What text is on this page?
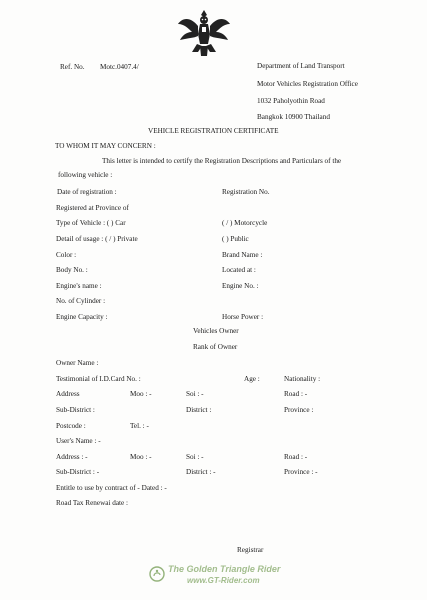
Ref. No. Motc.0407.4/	Department of Land Transport
Motor Vehicles Registration Office
1032 Paholyothin Road
Bangkok 10900 Thailand
VEHICLE REGISTRATION CERTIFICATE
TO WHOM IT MAY CONCERN :
This letter is intended to certify the Registration Descriptions and Particulars of the
following vehicle :
Date of registration :	Registration No.
Registered at Province of
Type of Vehicle : ( ) Car	( / ) Motorcycle
Detail of usage : ( / ) Private	( ) Public
Color :	Brand Name :
Body No. :	Located at :
Engine's name :	Engine No. :
No. of Cylinder :
Engine Capacity :	Horse Power :
Vehicles Owner
Rank of Owner
Owner Name :
Testimonial of I.D.Card No. :	Age :	Nationality :
Address	Moo : -	Soi : -	Road : -
Sub-District :	District :	Province :
Postcode :	Tel. : -
User's Name : -
Address : -	Moo : -	Soi : -	Road : -
Sub-District : -	District : -	Province : -
Entitle to use by contract of - Dated : -
Road Tax Renewai date :
Registrar
The Golden Triangle Rider
www.GT-Rider.com
